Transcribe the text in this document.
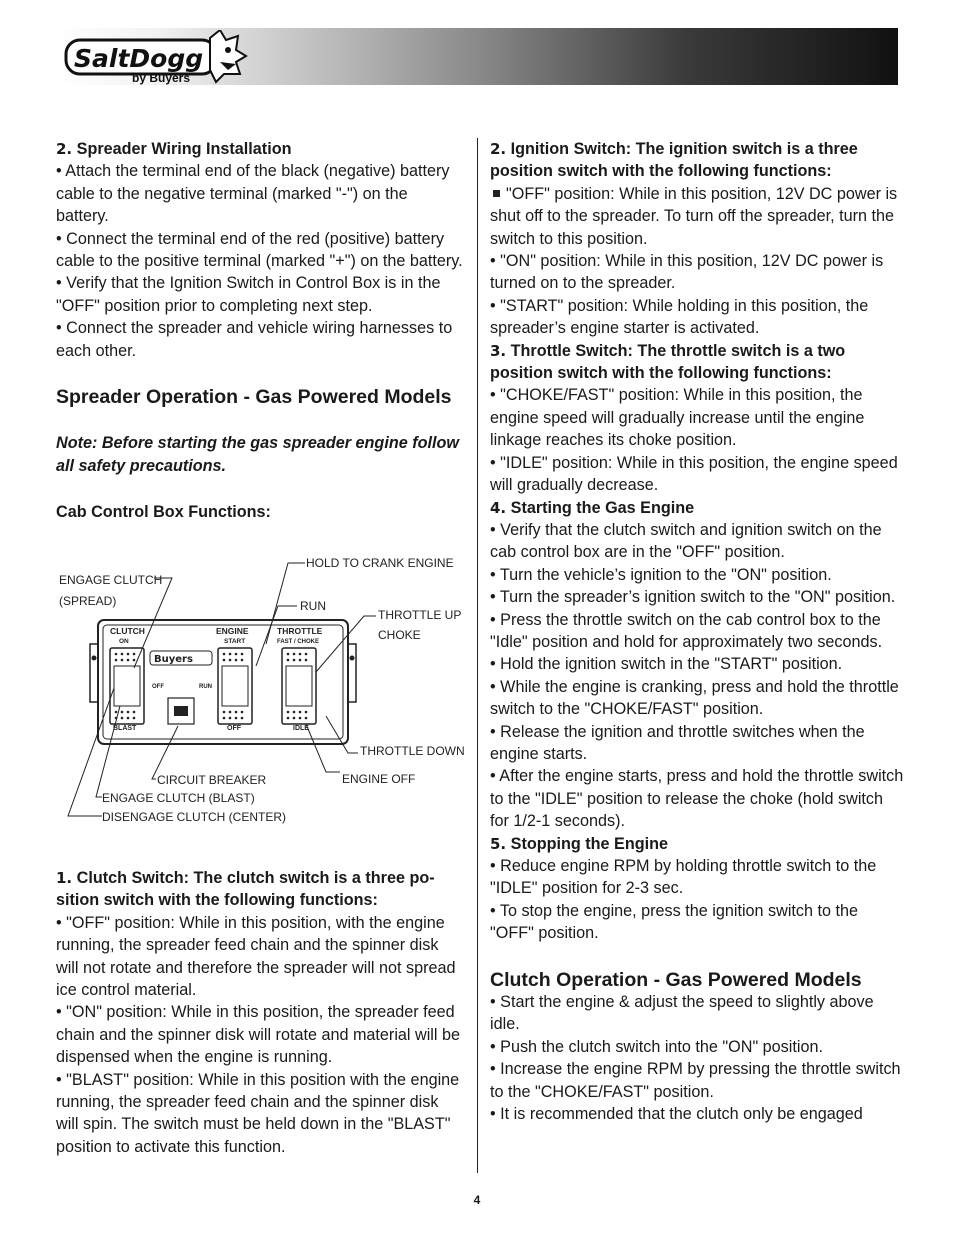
SaltDogg
by Buyers

2. Spreader Wiring Installation

• Attach the terminal end of the black (negative) battery cable to the negative terminal (marked "-") on the battery.

• Connect the terminal end of the red (positive) battery cable to the positive terminal (marked "+") on the battery.

• Verify that the Ignition Switch in Control Box is in the "OFF" position prior to completing next step.

• Connect the spreader and vehicle wiring harnesses to each other.

Spreader Operation - Gas Powered Models

Note: Before starting the gas spreader engine follow all safety precautions.

Cab Control Box Functions:

CLUTCH
ON
BLAST
ENGINE
START
OFF
THROTTLE
FAST / CHOKE
IDLE
OFF	RUN
Buyers
HOLD TO CRANK ENGINE
ENGAGE CLUTCH
(SPREAD)	RUN
THROTTLE UP
CHOKE
THROTTLE DOWN
CIRCUIT BREAKER	ENGINE OFF
ENGAGE CLUTCH (BLAST)
DISENGAGE CLUTCH (CENTER)

1. Clutch Switch: The clutch switch is a three position switch with the following functions:

• "OFF" position: While in this position, with the engine running, the spreader feed chain and the spinner disk will not rotate and therefore the spreader will not spread ice control material.

• "ON" position: While in this position, the spreader feed chain and the spinner disk will rotate and material will be dispensed when the engine is running.

• "BLAST" position: While in this position with the engine running, the spreader feed chain and the spinner disk will spin. The switch must be held down in the "BLAST" position to activate this function.

2. Ignition Switch: The ignition switch is a three position switch with the following functions:

"OFF" position: While in this position, 12V DC power is shut off to the spreader. To turn off the spreader, turn the switch to this position.

• "ON" position: While in this position, 12V DC power is turned on to the spreader.

• "START" position: While holding in this position, the spreader’s engine starter is activated.

3. Throttle Switch: The throttle switch is a two position switch with the following functions:

• "CHOKE/FAST" position: While in this position, the engine speed will gradually increase until the engine linkage reaches its choke position.

• "IDLE" position: While in this position, the engine speed will gradually decrease.

4. Starting the Gas Engine

• Verify that the clutch switch and ignition switch on the cab control box are in the "OFF" position.

• Turn the vehicle’s ignition to the "ON" position.

• Turn the spreader’s ignition switch to the "ON" position.

• Press the throttle switch on the cab control box to the "Idle" position and hold for approximately two seconds.

• Hold the ignition switch in the "START" position.

• While the engine is cranking, press and hold the throttle switch to the "CHOKE/FAST" position.

• Release the ignition and throttle switches when the engine starts.

• After the engine starts, press and hold the throttle switch to the "IDLE" position to release the choke (hold switch for 1/2-1 seconds).

5. Stopping the Engine

• Reduce engine RPM by holding throttle switch to the "IDLE" position for 2-3 sec.

• To stop the engine, press the ignition switch to the "OFF" position.

Clutch Operation - Gas Powered Models

• Start the engine & adjust the speed to slightly above idle.

• Push the clutch switch into the "ON" position.

• Increase the engine RPM by pressing the throttle switch to the "CHOKE/FAST" position.

• It is recommended that the clutch only be engaged

4
